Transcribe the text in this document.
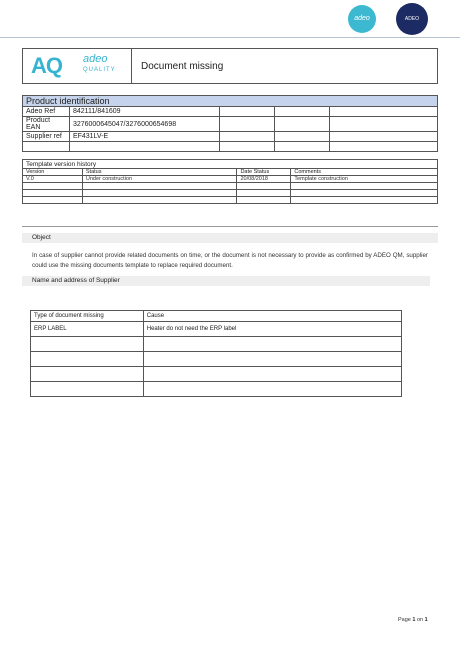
adeo	ADEO SERVICES
AQ adeo
QUALITY	Document missing
Product identification
Adeo Ref	842111/841609			
Product EAN	3276000645047/3276000654698			
Supplier ref	EF431LV-E			

Template version history
Version	Status	Date Status	Comments
V.0	Under construction	20/08/2018	Template construction

Object
In case of supplier cannot provide related documents on time, or the document is not necessary to provide as confirmed by ADEO QM, supplier could use the missing documents template to replace required document.
Name and address of Supplier
Type of document missing	Cause
ERP LABEL	Heater do not need the ERP label

Page 1 on 1
